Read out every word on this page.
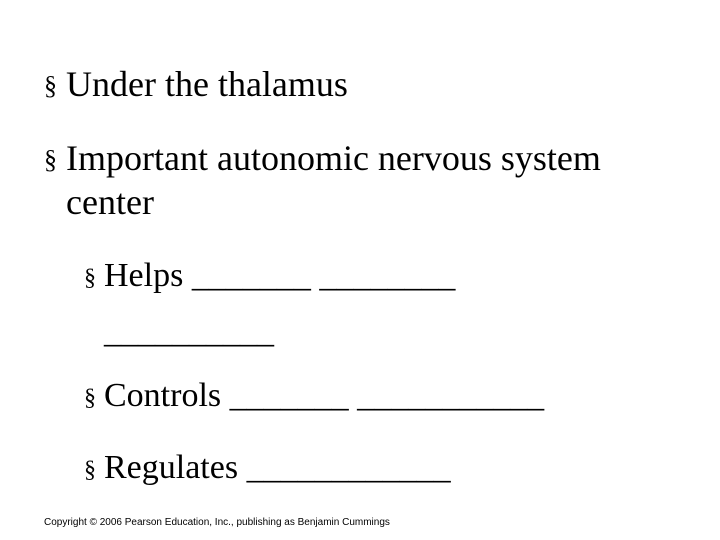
§ Under the thalamus
§ Important autonomic nervous system center
§ Helps _______ ________ __________
§ Controls _______ ___________
§ Regulates ____________
Copyright © 2006 Pearson Education, Inc., publishing as Benjamin Cummings
